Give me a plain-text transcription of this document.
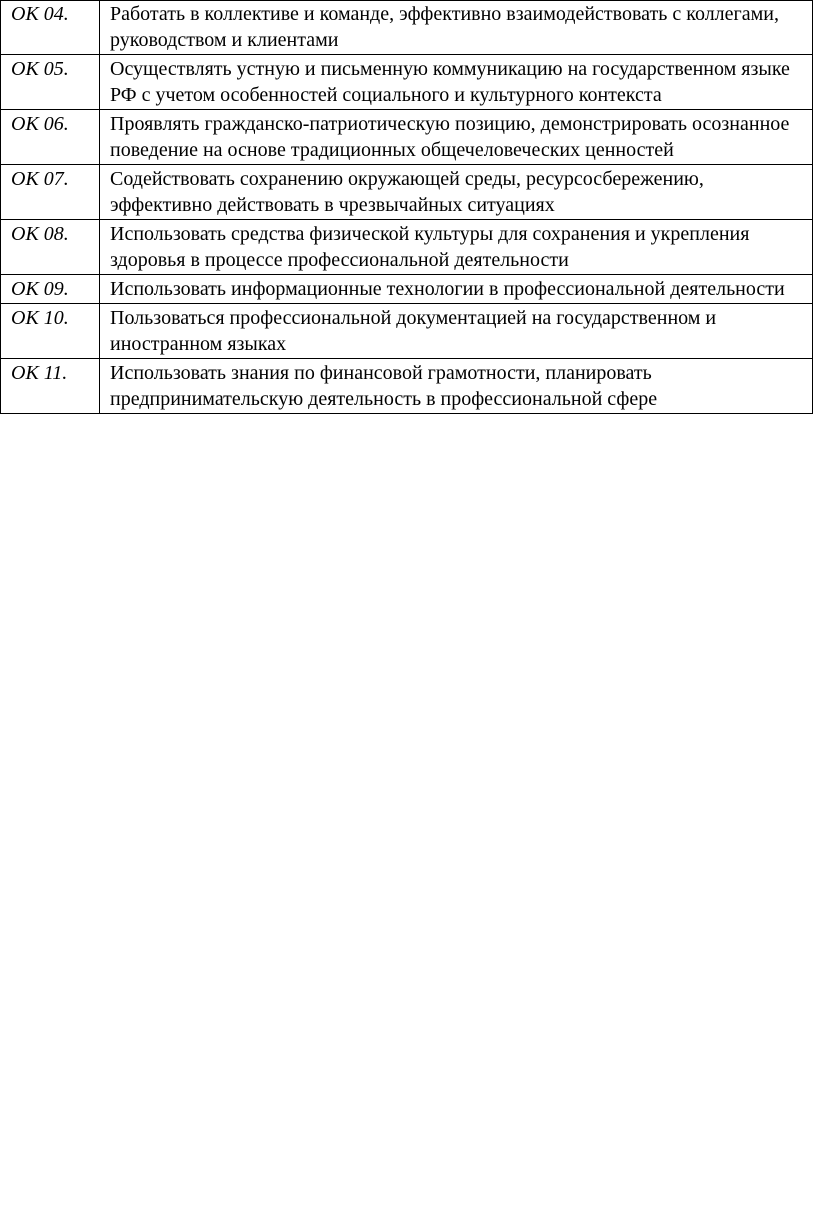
ОК 04.	Работать в коллективе и команде, эффективно взаимодействовать с коллегами, руководством и клиентами
ОК 05.	Осуществлять устную и письменную коммуникацию на государственном языке РФ с учетом особенностей социального и культурного контекста
ОК 06.	Проявлять гражданско-патриотическую позицию, демонстрировать осознанное поведение на основе традиционных общечеловеческих ценностей
ОК 07.	Содействовать сохранению окружающей среды, ресурсосбережению, эффективно действовать в чрезвычайных ситуациях
ОК 08.	Использовать средства физической культуры для сохранения и укрепления здоровья в процессе профессиональной деятельности
ОК 09.	Использовать информационные технологии в профессиональной деятельности
ОК 10.	Пользоваться профессиональной документацией на государственном и иностранном языках
ОК 11.	Использовать знания по финансовой грамотности, планировать предпринимательскую деятельность в профессиональной сфере
